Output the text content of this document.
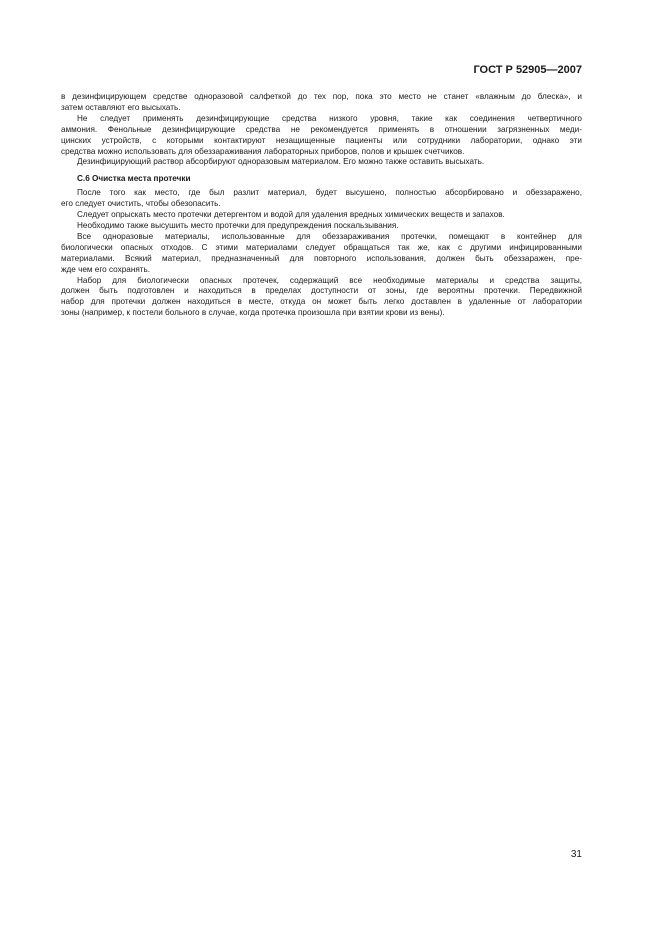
ГОСТ Р 52905—2007
в дезинфицирующем средстве одноразовой салфеткой до тех пор, пока это место не станет «влажным до блеска», и
затем оставляют его высыхать.
Не следует применять дезинфицирующие средства низкого уровня, такие как соединения четвертичного
аммония. Фенольные дезинфицирующие средства не рекомендуется применять в отношении загрязненных меди-
цинских устройств, с которыми контактируют незащищенные пациенты или сотрудники лаборатории, однако эти
средства можно использовать для обеззараживания лабораторных приборов, полов и крышек счетчиков.
Дезинфицирующий раствор абсорбируют одноразовым материалом. Его можно также оставить высыхать.
С.6 Очистка места протечки
После того как место, где был разлит материал, будет высушено, полностью абсорбировано и обеззаражено,
его следует очистить, чтобы обезопасить.
Следует опрыскать место протечки детергентом и водой для удаления вредных химических веществ и запахов.
Необходимо также высушить место протечки для предупреждения поскальзывания.
Все одноразовые материалы, использованные для обеззараживания протечки, помещают в контейнер для
биологически опасных отходов. С этими материалами следует обращаться так же, как с другими инфицированными
материалами. Всякий материал, предназначенный для повторного использования, должен быть обеззаражен, пре-
жде чем его сохранять.
Набор для биологически опасных протечек, содержащий все необходимые материалы и средства защиты,
должен быть подготовлен и находиться в пределах доступности от зоны, где вероятны протечки. Передвижной
набор для протечки должен находиться в месте, откуда он может быть легко доставлен в удаленные от лаборатории
зоны (например, к постели больного в случае, когда протечка произошла при взятии крови из вены).
31
